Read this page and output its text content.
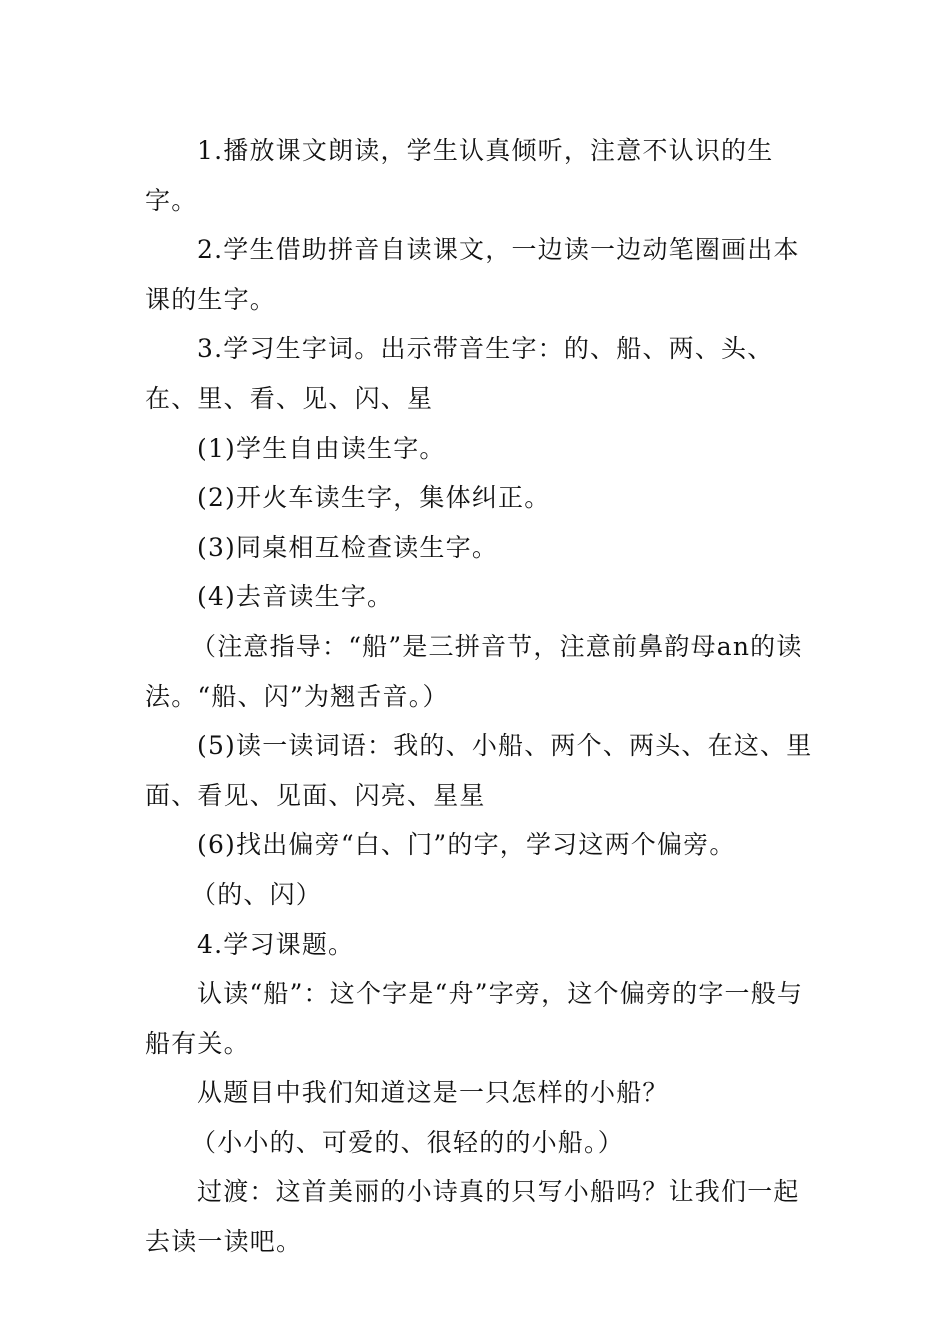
1.播放课文朗读，学生认真倾听，注意不认识的生字。

2.学生借助拼音自读课文，一边读一边动笔圈画出本课的生字。

3.学习生字词。出示带音生字：的、船、两、头、在、里、看、见、闪、星

(1)学生自由读生字。

(2)开火车读生字，集体纠正。

(3)同桌相互检查读生字。

(4)去音读生字。

（注意指导：“船”是三拼音节，注意前鼻韵母an的读法。“船、闪”为翘舌音。）

(5)读一读词语：我的、小船、两个、两头、在这、里面、看见、见面、闪亮、星星

(6)找出偏旁“白、门”的字，学习这两个偏旁。

（的、闪）

4.学习课题。

认读“船”：这个字是“舟”字旁，这个偏旁的字一般与船有关。

从题目中我们知道这是一只怎样的小船？

（小小的、可爱的、很轻的的小船。）

过渡：这首美丽的小诗真的只写小船吗？让我们一起去读一读吧。
